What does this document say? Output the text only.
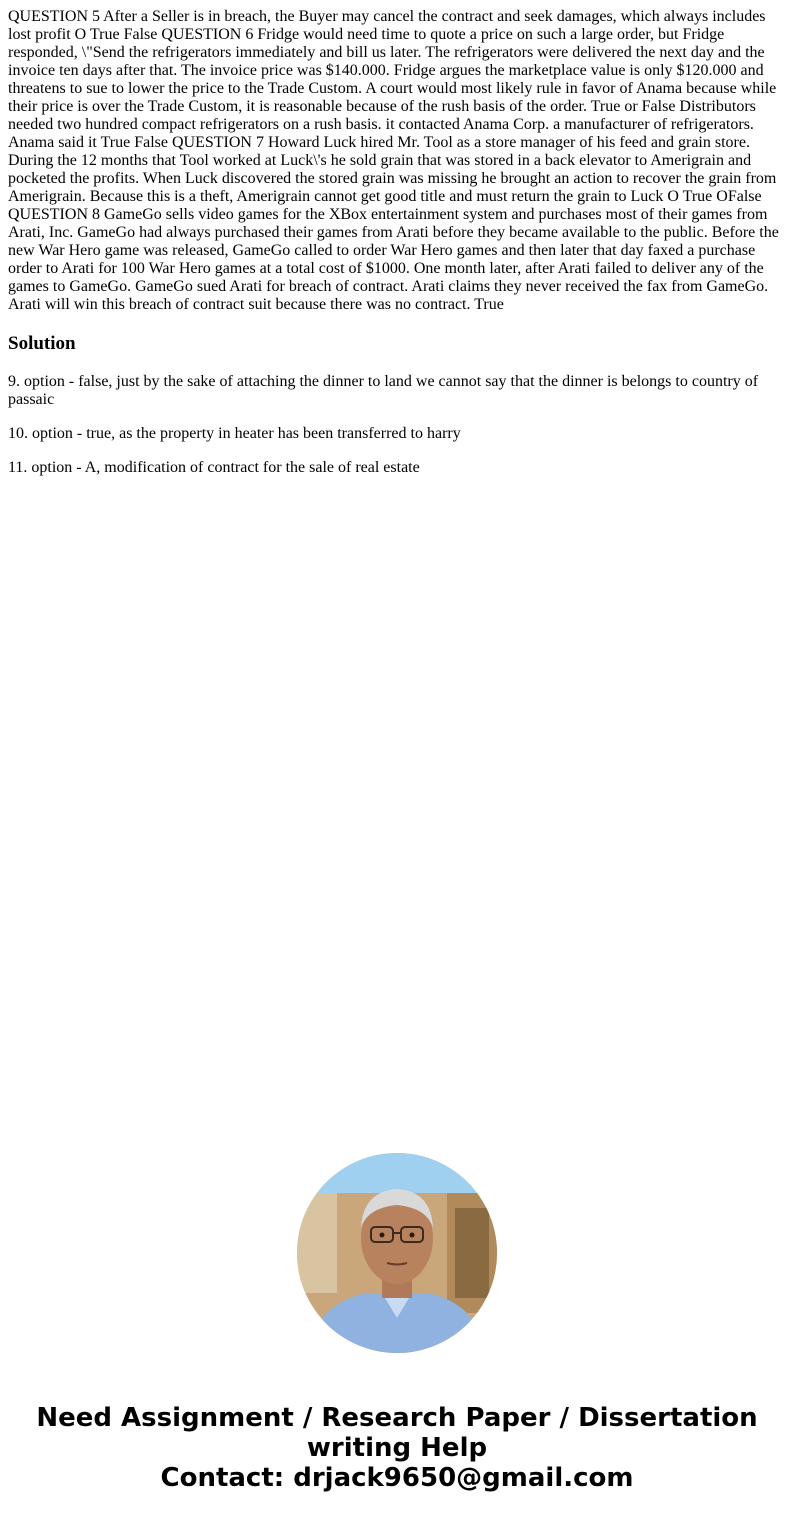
QUESTION 5 After a Seller is in breach, the Buyer may cancel the contract and seek damages, which always includes lost profit O True False QUESTION 6 Fridge would need time to quote a price on such a large order, but Fridge responded, \"Send the refrigerators immediately and bill us later. The refrigerators were delivered the next day and the invoice ten days after that. The invoice price was $140.000. Fridge argues the marketplace value is only $120.000 and threatens to sue to lower the price to the Trade Custom. A court would most likely rule in favor of Anama because while their price is over the Trade Custom, it is reasonable because of the rush basis of the order. True or False Distributors needed two hundred compact refrigerators on a rush basis. it contacted Anama Corp. a manufacturer of refrigerators. Anama said it True False QUESTION 7 Howard Luck hired Mr. Tool as a store manager of his feed and grain store. During the 12 months that Tool worked at Luck\'s he sold grain that was stored in a back elevator to Amerigrain and pocketed the profits. When Luck discovered the stored grain was missing he brought an action to recover the grain from Amerigrain. Because this is a theft, Amerigrain cannot get good title and must return the grain to Luck O True OFalse QUESTION 8 GameGo sells video games for the XBox entertainment system and purchases most of their games from Arati, Inc. GameGo had always purchased their games from Arati before they became available to the public. Before the new War Hero game was released, GameGo called to order War Hero games and then later that day faxed a purchase order to Arati for 100 War Hero games at a total cost of $1000. One month later, after Arati failed to deliver any of the games to GameGo. GameGo sued Arati for breach of contract. Arati claims they never received the fax from GameGo. Arati will win this breach of contract suit because there was no contract. True

Solution

9. option - false, just by the sake of attaching the dinner to land we cannot say that the dinner is belongs to country of passaic

10. option - true, as the property in heater has been transferred to harry

11. option - A, modification of contract for the sale of real estate

Need Assignment / Research Paper / Dissertation
writing Help
Contact: drjack9650@gmail.com
